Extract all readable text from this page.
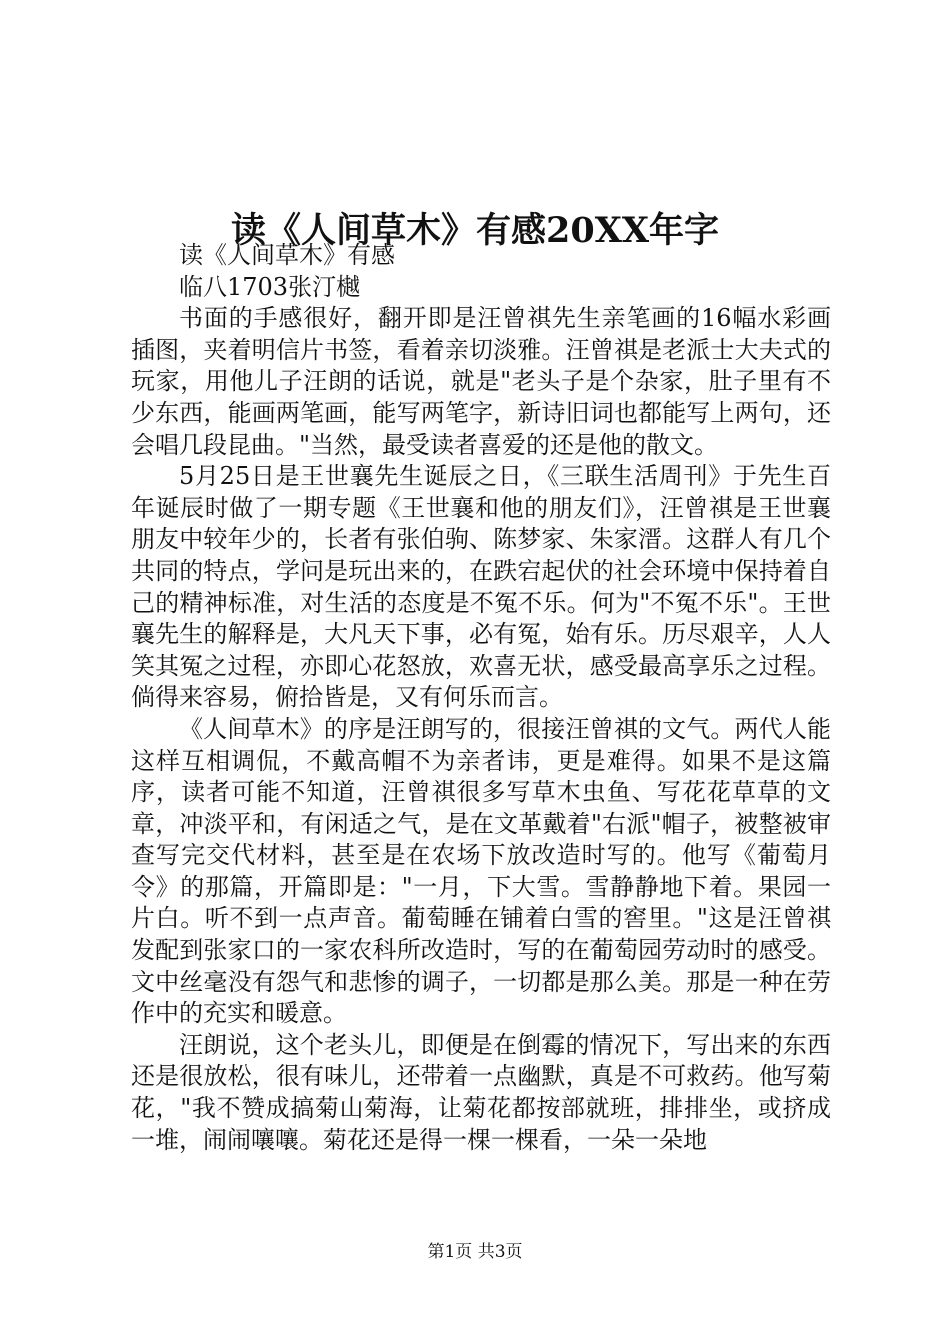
读《人间草木》有感20XX年字

读《人间草木》有感

临八1703张汀樾

书面的手感很好，翻开即是汪曾祺先生亲笔画的16幅水彩画插图，夹着明信片书签，看着亲切淡雅。汪曾祺是老派士大夫式的玩家，用他儿子汪朗的话说，就是"老头子是个杂家，肚子里有不少东西，能画两笔画，能写两笔字，新诗旧词也都能写上两句，还会唱几段昆曲。"当然，最受读者喜爱的还是他的散文。

5月25日是王世襄先生诞辰之日，《三联生活周刊》于先生百年诞辰时做了一期专题《王世襄和他的朋友们》，汪曾祺是王世襄朋友中较年少的，长者有张伯驹、陈梦家、朱家溍。这群人有几个共同的特点，学问是玩出来的，在跌宕起伏的社会环境中保持着自己的精神标准，对生活的态度是不冤不乐。何为"不冤不乐"。王世襄先生的解释是，大凡天下事，必有冤，始有乐。历尽艰辛，人人笑其冤之过程，亦即心花怒放，欢喜无状，感受最高享乐之过程。倘得来容易，俯拾皆是，又有何乐而言。

《人间草木》的序是汪朗写的，很接汪曾祺的文气。两代人能这样互相调侃，不戴高帽不为亲者讳，更是难得。如果不是这篇序，读者可能不知道，汪曾祺很多写草木虫鱼、写花花草草的文章，冲淡平和，有闲适之气，是在文革戴着"右派"帽子，被整被审查写完交代材料，甚至是在农场下放改造时写的。他写《葡萄月令》的那篇，开篇即是："一月，下大雪。雪静静地下着。果园一片白。听不到一点声音。葡萄睡在铺着白雪的窖里。"这是汪曾祺发配到张家口的一家农科所改造时，写的在葡萄园劳动时的感受。文中丝毫没有怨气和悲惨的调子，一切都是那么美。那是一种在劳作中的充实和暖意。

汪朗说，这个老头儿，即便是在倒霉的情况下，写出来的东西还是很放松，很有味儿，还带着一点幽默，真是不可救药。他写菊花，"我不赞成搞菊山菊海，让菊花都按部就班，排排坐，或挤成一堆，闹闹嚷嚷。菊花还是得一棵一棵看，一朵一朵地

第1页 共3页
